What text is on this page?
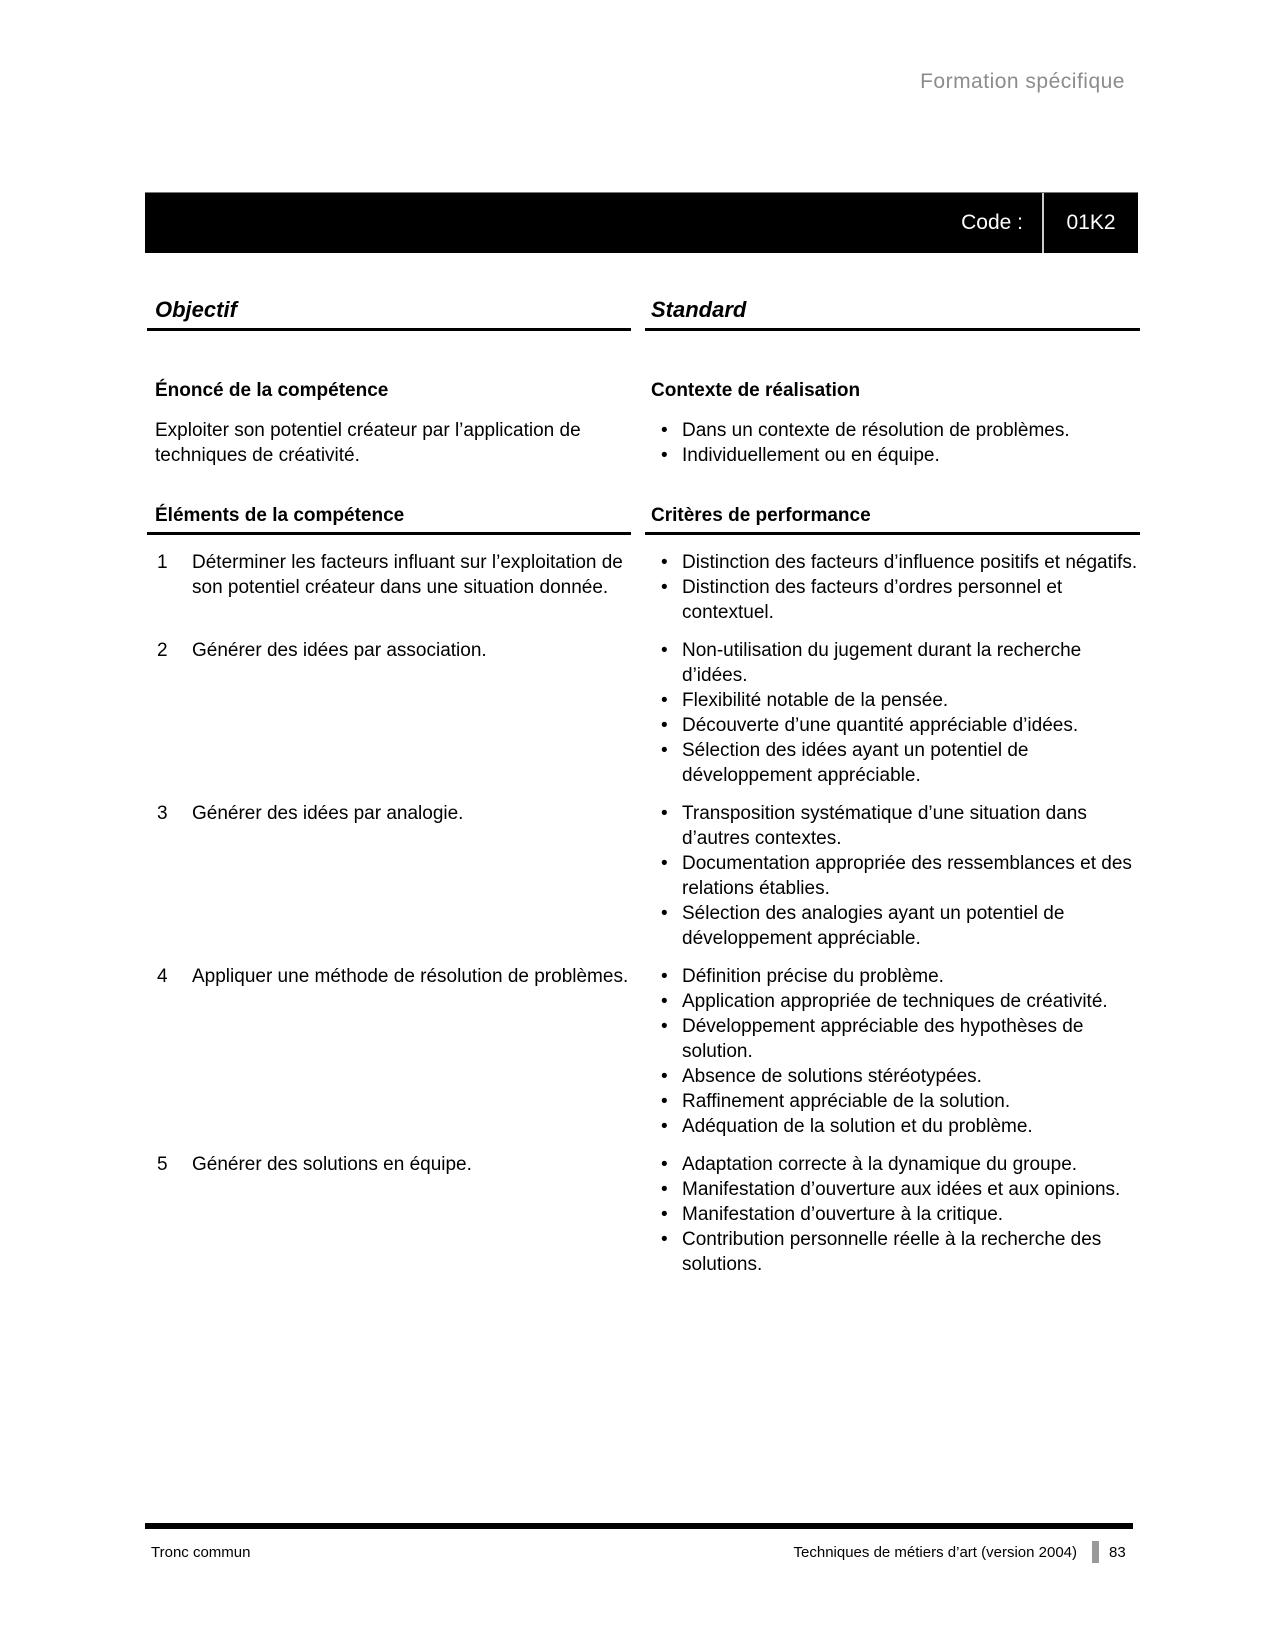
Formation spécifique
Code :	01K2
Objectif	Standard
Énoncé de la compétence	Contexte de réalisation
Exploiter son potentiel créateur par l’application de techniques de créativité.
• Dans un contexte de résolution de problèmes.
• Individuellement ou en équipe.
Éléments de la compétence	Critères de performance
1	Déterminer les facteurs influant sur l’exploitation de son potentiel créateur dans une situation donnée.
• Distinction des facteurs d’influence positifs et négatifs.
• Distinction des facteurs d’ordres personnel et contextuel.
2	Générer des idées par association.	• Non-utilisation du jugement durant la recherche d’idées.
• Flexibilité notable de la pensée.
• Découverte d’une quantité appréciable d’idées.
• Sélection des idées ayant un potentiel de développement appréciable.
3	Générer des idées par analogie.	• Transposition systématique d’une situation dans d’autres contextes.
• Documentation appropriée des ressemblances et des relations établies.
• Sélection des analogies ayant un potentiel de développement appréciable.
4	Appliquer une méthode de résolution de problèmes.	• Définition précise du problème.
• Application appropriée de techniques de créativité.
• Développement appréciable des hypothèses de solution.
• Absence de solutions stéréotypées.
• Raffinement appréciable de la solution.
• Adéquation de la solution et du problème.
5	Générer des solutions en équipe.	• Adaptation correcte à la dynamique du groupe.
• Manifestation d’ouverture aux idées et aux opinions.
• Manifestation d’ouverture à la critique.
• Contribution personnelle réelle à la recherche des solutions.
Tronc commun	Techniques de métiers d’art (version 2004) 83
